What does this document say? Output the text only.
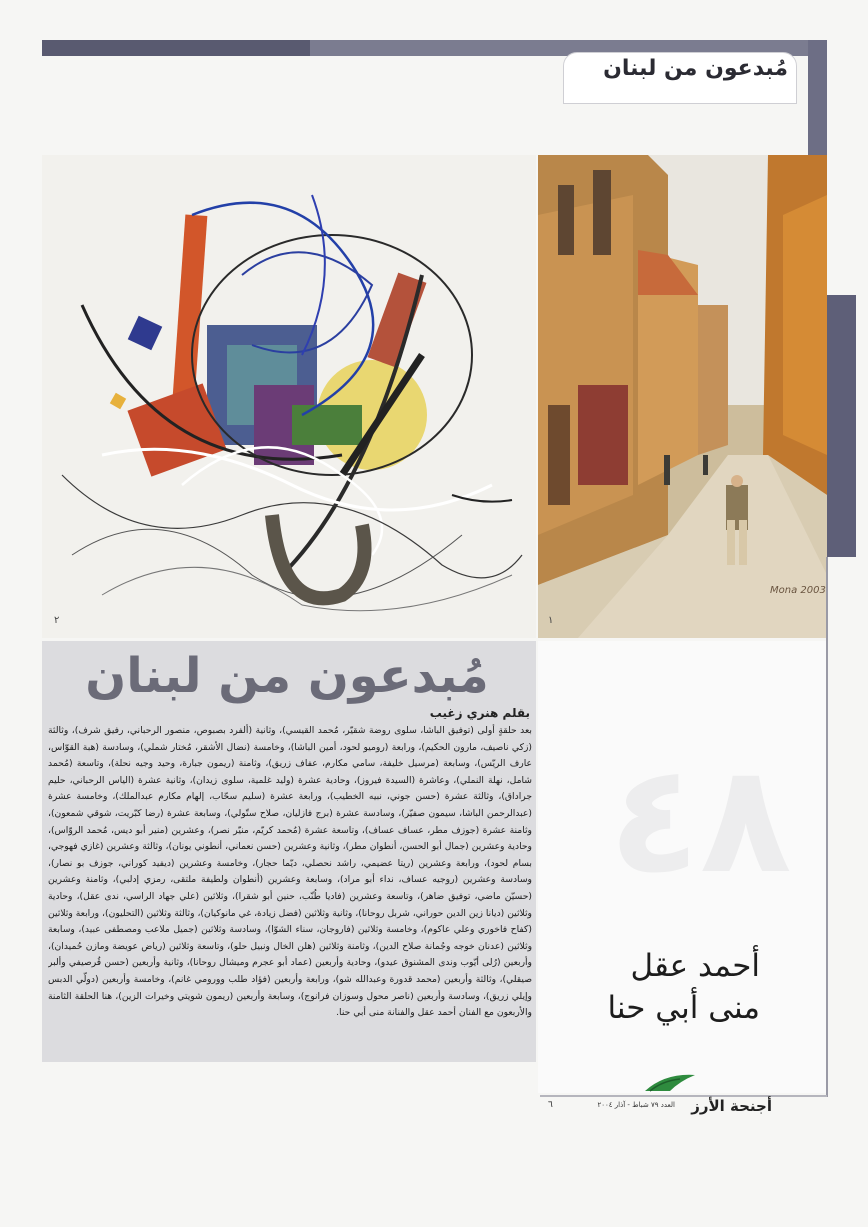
مُبدعون من لبنان
٢	١
Mona 2003
مُبدعون من لبنان
بقلم هنري زغيب
بعد حلقةٍ أولى (توفيق الباشا، سلوى روضة شقيّر، مُحمد القيسي)، وثانية (ألفرد بصبوص، منصور الرحباني، رفيق شرف)، وثالثة (زكي ناصيف، مارون الحكيم)، ورابعة (روميو لحود، أمين الباشا)، وخامسة (نضال الأشقر، مُختار شملي)، وسادسة (هبة القوّاس، عارف الريّس)، وسابعة (مرسيل خليفة، سامي مكارم، عفاف زريق)، وثامنة (ريمون جبارة، وحيد وجيه نحلة)، وتاسعة (مُحمد شامل، نهلة النملي)، وعاشرة (السيدة فيروز)، وحادية عشرة (وليد غلمية، سلوى زيدان)، وثانية عشرة (الياس الرحباني، حليم جراداق)، وثالثة عشرة (حسن جوني، نبيه الخطيب)، ورابعة عشرة (سليم سحّاب، إلهام مكارم عبدالملك)، وخامسة عشرة (عبدالرحمن الباشا، سيمون صفيّر)، وسادسة عشرة (برج فازليان، صلاح ستّولي)، وسابعة عشرة (رضا كبّريت، شوقي شمعون)، وثامنة عشرة (جوزف مطر، عساف عساف)، وتاسعة عشرة (مُحمد كريّم، منيّر نصر)، وعشرين (منير أبو ديس، مُحمد الروّاس)، وحادية وعشرين (جمال أبو الحسن، أنطوان مطر)، وثانية وعشرين (حسن نعماني، أنطوني يونان)، وثالثة وعشرين (غازي فهوجي، بسام لحود)، ورابعة وعشرين (ريتا عضيمي، راشد نحصلي، ديّما حجار)، وخامسة وعشرين (ديفيد كوراني، جوزف بو نصار)، وسادسة وعشرين (روجيه عساف، نداء أبو مراد)، وسابعة وعشرين (أنطوان ولطيفة ملتقى، رمزي إدلبي)، وثامنة وعشرين (حسيّن ماضي، توفيق ضاهر)، وتاسعة وعشرين (فاديا طُنّب، حنين أبو شقرا)، وثلاثين (علي جهاد الراسي، ندى عقل)، وحادية وثلاثين (ديانا زين الدين حوراني، شربل روحانا)، وثانية وثلاثين (فضل زيادة، غي مانوكيان)، وثالثة وثلاثين (التحليون)، ورابعة وثلاثين (كفاح فاخوري وعلي عاكوم)، وخامسة وثلاثين (فاروجان، سناء الشوّا)، وسادسة وثلاثين (جميل ملاعب ومصطفى عبيد)، وسابعة وثلاثين (عدنان خوجه وجُمانة صلاح الدين)، وثامنة وثلاثين (هلن الخال ونبيل حلو)، وتاسعة وثلاثين (رياض عويضة ومازن حُميدان)، وأربعين (رُلى أيّوب وندى المشنوق عيدو)، وحادية وأربعين (عماد أبو عجرم وميشال روحانا)، وثانية وأربعين (حسن قُرصيفي وألبر صيقلي)، وثالثة وأربعين (محمد قدورة وعبدالله شو)، ورابعة وأربعين (فؤاد طلب وورومي غانم)، وخامسة وأربعين (دولّي الدبس وإيلي زريق)، وسادسة وأربعين (ناصر محول وسوزان فرانوج)، وسابعة وأربعين (ريمون شويتي وخيرات الزين)، هنا الحلقة الثامنة والأربعون مع الفنان أحمد عقل والفنانة منى أبي حنا.
٤٨
أحمد عقل
منى أبي حنا
أجنحة الأرز
العدد ٧٩ شباط - آذار ٢٠٠٤
٦
